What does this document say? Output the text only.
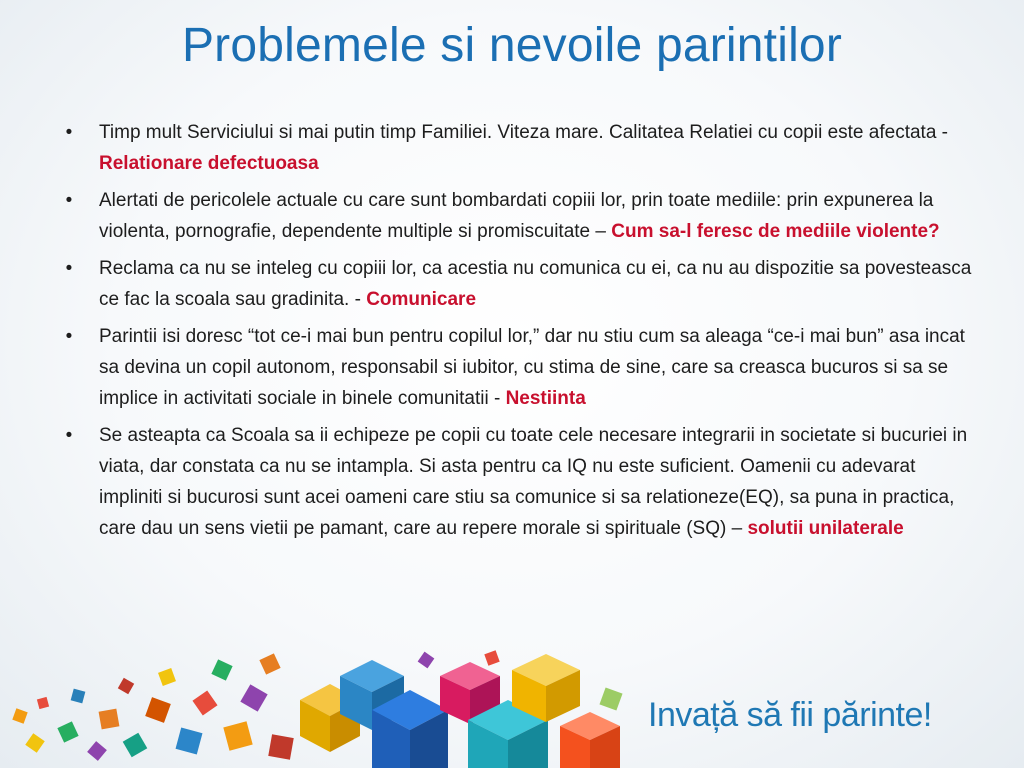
Problemele si nevoile parintilor
• Timp mult Serviciului si mai putin timp Familiei. Viteza mare. Calitatea Relatiei cu copii este afectata - Relationare defectuoasa
• Alertati de pericolele actuale cu care sunt bombardati copiii lor, prin toate mediile: prin expunerea la violenta, pornografie, dependente multiple si promiscuitate – Cum sa-l feresc de mediile violente?
• Reclama ca nu se inteleg cu copiii lor, ca acestia nu comunica cu ei, ca nu au dispozitie sa povesteasca ce fac la scoala sau gradinita. - Comunicare
• Parintii isi doresc “tot ce-i mai bun pentru copilul lor,” dar nu stiu cum sa aleaga “ce-i mai bun” asa incat sa devina un copil autonom, responsabil si iubitor, cu stima de sine, care sa creasca bucuros si sa se implice in activitati sociale in binele comunitatii - Nestiinta
• Se asteapta ca Scoala sa ii echipeze pe copii cu toate cele necesare integrarii in societate si bucuriei in viata, dar constata ca nu se intampla. Si asta pentru ca IQ nu este suficient. Oamenii cu adevarat impliniti si bucurosi sunt acei oameni care stiu sa comunice si sa relationeze(EQ), sa puna in practica, care dau un sens vietii pe pamant, care au repere morale si spirituale (SQ) – solutii unilaterale
Invață să fii părinte!
